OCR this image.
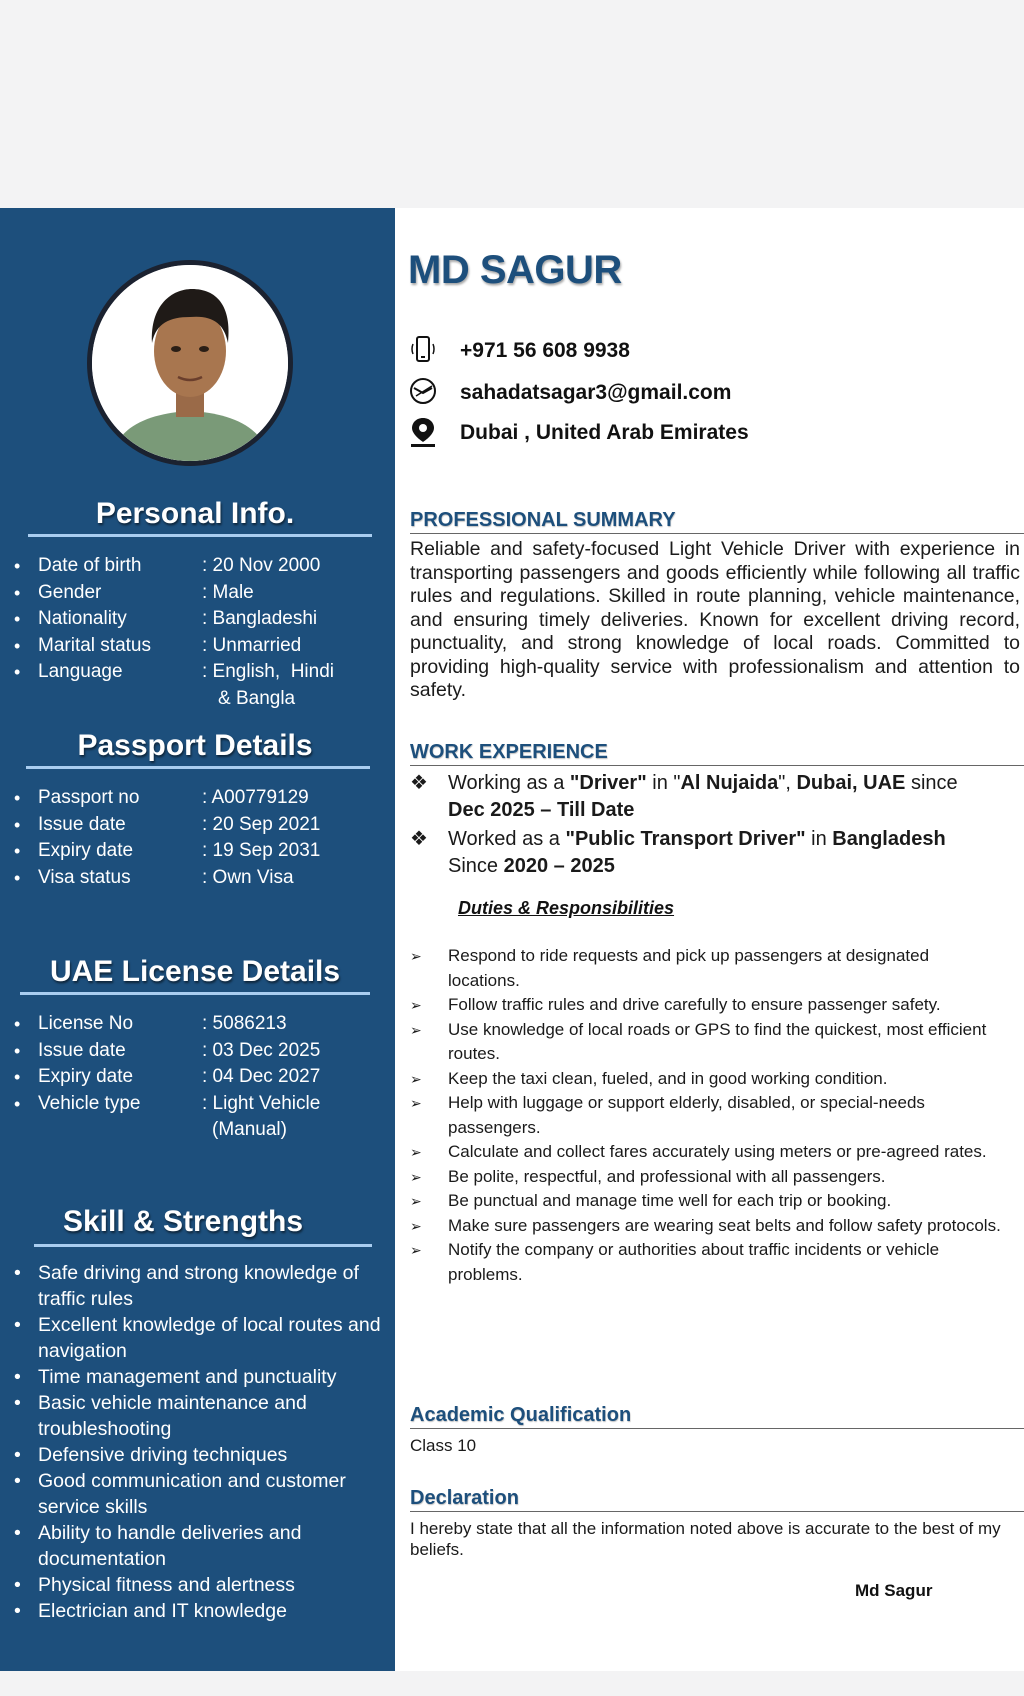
Personal Info.
• Date of birth	: 20 Nov 2000
• Gender	: Male
• Nationality	: Bangladeshi
• Marital status	: Unmarried
• Language	: English,  Hindi
& Bangla
Passport Details
• Passport no	: A00779129
• Issue date	: 20 Sep 2021
• Expiry date	: 19 Sep 2031
• Visa status	: Own Visa
UAE License Details
• License No	: 5086213
• Issue date	: 03 Dec 2025
• Expiry date	: 04 Dec 2027
• Vehicle type	: Light Vehicle
(Manual)
Skill & Strengths
• Safe driving and strong knowledge of traffic rules
• Excellent knowledge of local routes and navigation
• Time management and punctuality
• Basic vehicle maintenance and troubleshooting
• Defensive driving techniques
• Good communication and customer service skills
• Ability to handle deliveries and documentation
• Physical fitness and alertness
• Electrician and IT knowledge
MD SAGUR
+971 56 608 9938
sahadatsagar3@gmail.com
Dubai , United Arab Emirates
PROFESSIONAL SUMMARY

Reliable and safety-focused Light Vehicle Driver with experience in transporting passengers and goods efficiently while following all traffic rules and regulations. Skilled in route planning, vehicle maintenance, and ensuring timely deliveries. Known for excellent driving record, punctuality, and strong knowledge of local roads. Committed to providing high-quality service with professionalism and attention to safety.

WORK EXPERIENCE
❖ Working as a "Driver" in "Al Nujaida", Dubai, UAE since
Dec 2025 – Till Date
❖ Worked as a "Public Transport Driver" in Bangladesh
Since 2020 – 2025
Duties & Responsibilities
➢ Respond to ride requests and pick up passengers at designated locations.
➢ Follow traffic rules and drive carefully to ensure passenger safety.
➢ Use knowledge of local roads or GPS to find the quickest, most efficient routes.
➢ Keep the taxi clean, fueled, and in good working condition.
➢ Help with luggage or support elderly, disabled, or special-needs passengers.
➢ Calculate and collect fares accurately using meters or pre-agreed rates.
➢ Be polite, respectful, and professional with all passengers.
➢ Be punctual and manage time well for each trip or booking.
➢ Make sure passengers are wearing seat belts and follow safety protocols.
➢ Notify the company or authorities about traffic incidents or vehicle problems.
Academic Qualification
Class 10
Declaration
I hereby state that all the information noted above is accurate to the best of my beliefs.
Md Sagur
